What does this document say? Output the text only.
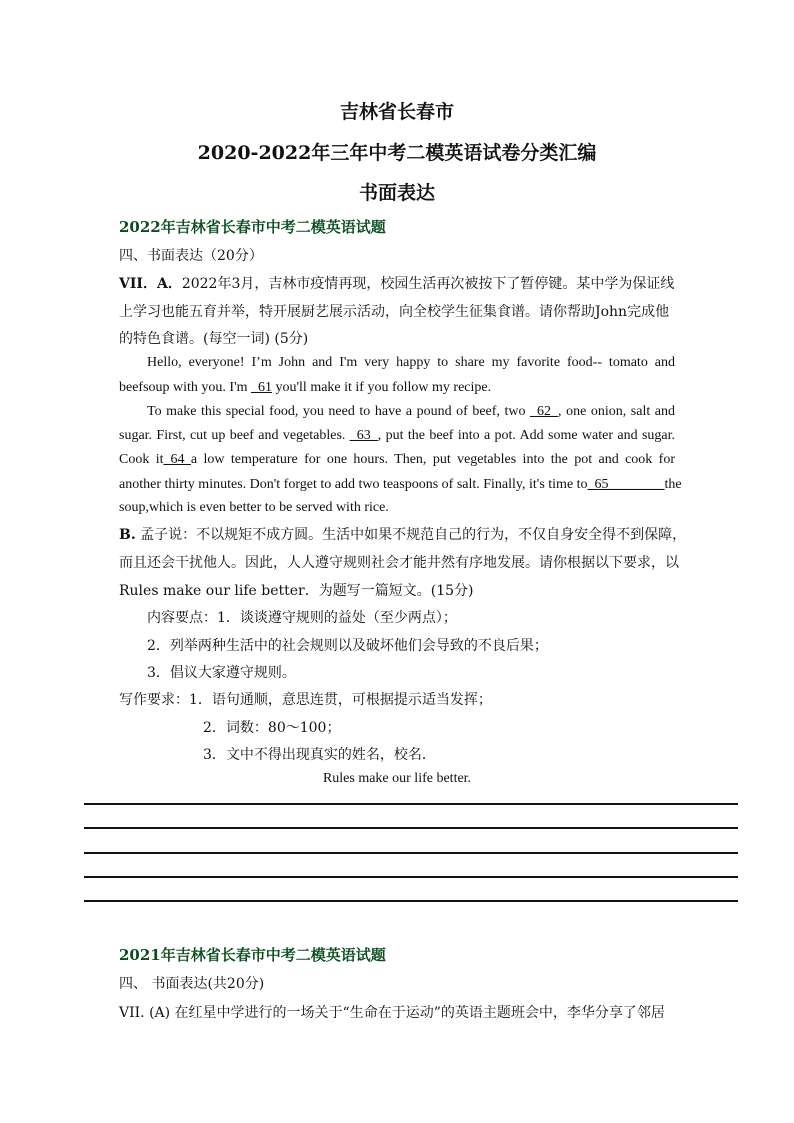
吉林省长春市
2020-2022年三年中考二模英语试卷分类汇编
书面表达
2022年吉林省长春市中考二模英语试题
四、书面表达（20分）
VII．A．2022年3月，吉林市疫情再现，校园生活再次被按下了暂停键。某中学为保证线
上学习也能五育并举，特开展厨艺展示活动，向全校学生征集食谱。请你帮助John完成他
的特色食谱。(每空一词) (5分)
Hello, everyone! I’m John and I'm very happy to share my favorite food-- tomato and
beefsoup with you. I'm _61 you'll make it if you follow my recipe.
To make this special food, you need to have a pound of beef, two _62_, one onion, salt and
sugar. First, cut up beef and vegetables. _63_, put the beef into a pot. Add some water and sugar.
Cook it_64 a low temperature for one hours. Then, put vegetables into the pot and cook for
another thirty minutes. Don't forget to add two teaspoons of salt. Finally, it's time to_65________the
soup,which is even better to be served with rice.
B. 孟子说：不以规矩不成方圆。生活中如果不规范自己的行为，不仅自身安全得不到保障，
而且还会干扰他人。因此，人人遵守规则社会才能井然有序地发展。请你根据以下要求，以
Rules make our life better．为题写一篇短文。(15分)
内容要点：1．谈谈遵守规则的益处（至少两点）；
2．列举两种生活中的社会规则以及破坏他们会导致的不良后果；
3．倡议大家遵守规则。
写作要求：1．语句通顺，意思连贯，可根据提示适当发挥；
2．词数：80～100；
3．文中不得出现真实的姓名，校名．
Rules make our life better.
2021年吉林省长春市中考二模英语试题
四、 书面表达(共20分)
VII. (A) 在红星中学进行的一场关于“生命在于运动”的英语主题班会中，李华分享了邻居
